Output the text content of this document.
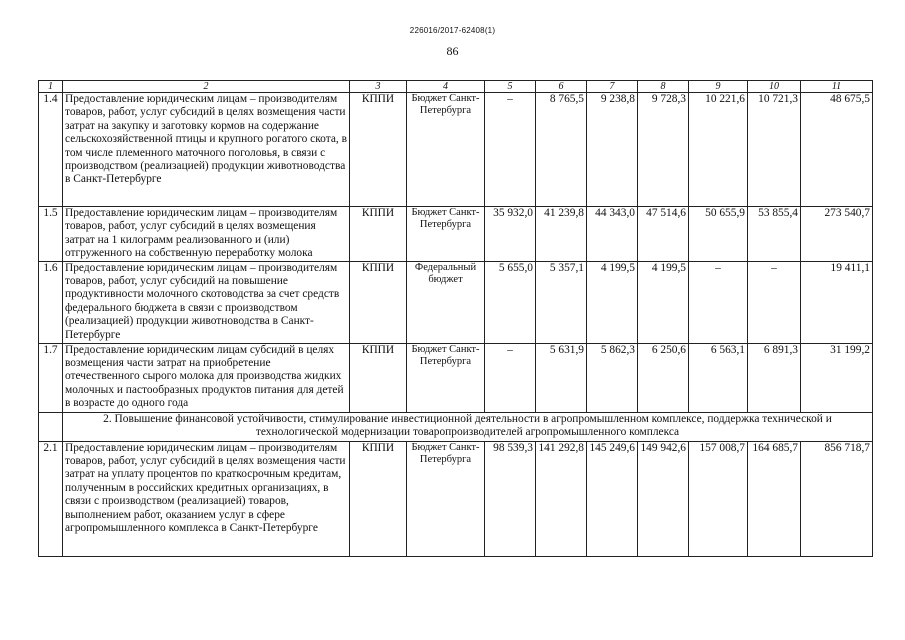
226016/2017-62408(1)
86
1	2	3	4	5	6	7	8	9	10	11
1.4	Предоставление юридическим лицам – производителям товаров, работ, услуг субсидий в целях возмещения части затрат на закупку и заготовку кормов на содержание сельскохозяйственной птицы и крупного рогатого скота, в том числе племенного маточного поголовья, в связи с производством (реализацией) продукции животноводства в Санкт-Петербурге	КППИ	Бюджет Санкт-Петербурга	–	8 765,5	9 238,8	9 728,3	10 221,6	10 721,3	48 675,5
1.5	Предоставление юридическим лицам – производителям товаров, работ, услуг субсидий в целях возмещения затрат на 1 килограмм реализованного и (или) отгруженного на собственную переработку молока	КППИ	Бюджет Санкт-Петербурга	35 932,0	41 239,8	44 343,0	47 514,6	50 655,9	53 855,4	273 540,7
1.6	Предоставление юридическим лицам – производителям товаров, работ, услуг субсидий на повышение продуктивности молочного скотоводства за счет средств федерального бюджета в связи с производством (реализацией) продукции животноводства в Санкт-Петербурге	КППИ	Федеральный бюджет	5 655,0	5 357,1	4 199,5	4 199,5	–	–	19 411,1
1.7	Предоставление юридическим лицам субсидий в целях возмещения части затрат на приобретение отечественного сырого молока для производства жидких молочных и пастообразных продуктов питания для детей в возрасте до одного года	КППИ	Бюджет Санкт-Петербурга	–	5 631,9	5 862,3	6 250,6	6 563,1	6 891,3	31 199,2
	2. Повышение финансовой устойчивости, стимулирование инвестиционной деятельности в агропромышленном комплексе, поддержка технической и технологической модернизации товаропроизводителей агропромышленного комплекса									
2.1	Предоставление юридическим лицам – производителям товаров, работ, услуг субсидий в целях возмещения части затрат на уплату процентов по краткосрочным кредитам, полученным в российских кредитных организациях, в связи с производством (реализацией) товаров, выполнением работ, оказанием услуг в сфере агропромышленного комплекса в Санкт-Петербурге	КППИ	Бюджет Санкт-Петербурга	98 539,3	141 292,8	145 249,6	149 942,6	157 008,7	164 685,7	856 718,7
